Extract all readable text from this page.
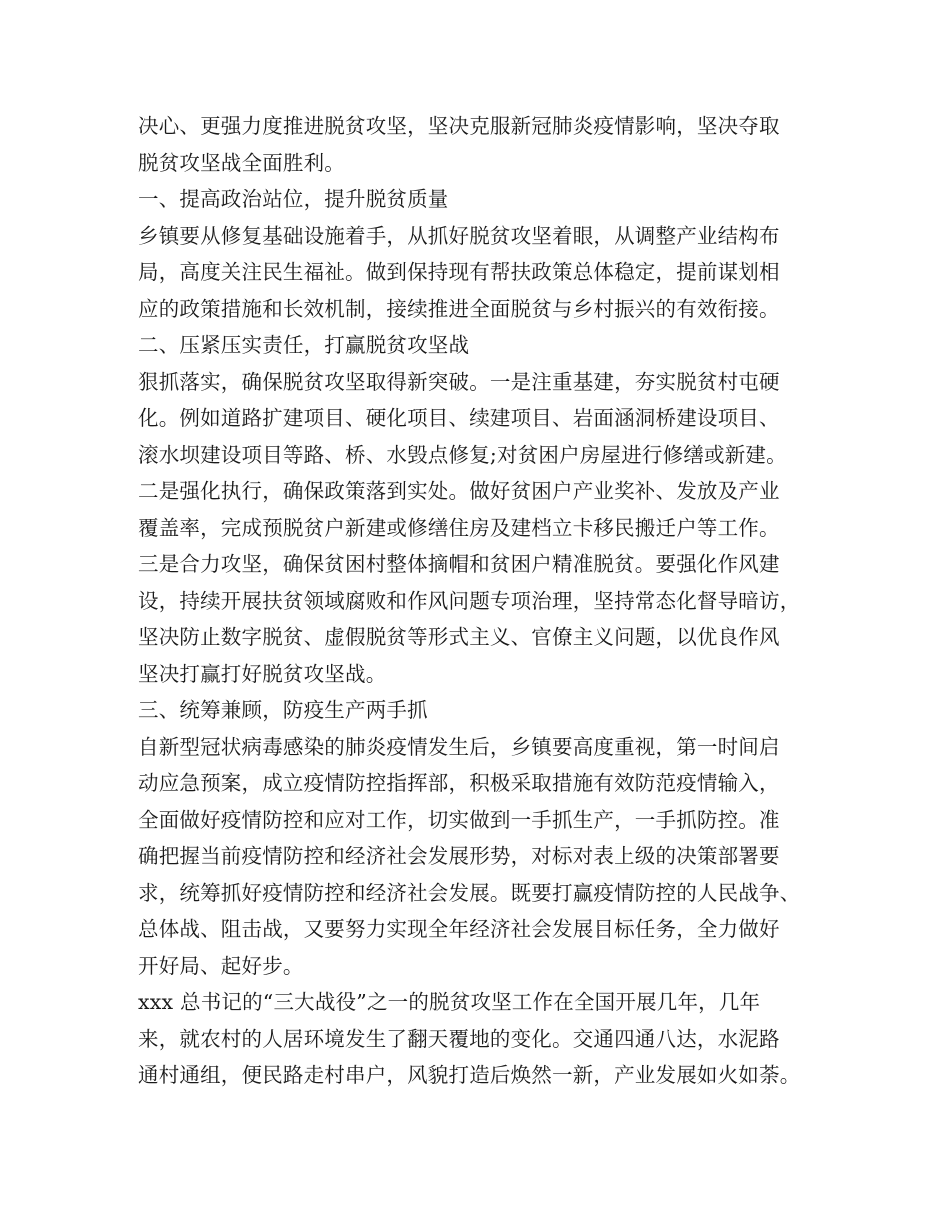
决心、更强力度推进脱贫攻坚，坚决克服新冠肺炎疫情影响，坚决夺取
脱贫攻坚战全面胜利。
一、提高政治站位，提升脱贫质量
乡镇要从修复基础设施着手，从抓好脱贫攻坚着眼，从调整产业结构布
局，高度关注民生福祉。做到保持现有帮扶政策总体稳定，提前谋划相
应的政策措施和长效机制，接续推进全面脱贫与乡村振兴的有效衔接。
二、压紧压实责任，打赢脱贫攻坚战
狠抓落实，确保脱贫攻坚取得新突破。一是注重基建，夯实脱贫村屯硬
化。例如道路扩建项目、硬化项目、续建项目、岩面涵洞桥建设项目、
滚水坝建设项目等路、桥、水毁点修复;对贫困户房屋进行修缮或新建。
二是强化执行，确保政策落到实处。做好贫困户产业奖补、发放及产业
覆盖率，完成预脱贫户新建或修缮住房及建档立卡移民搬迁户等工作。
三是合力攻坚，确保贫困村整体摘帽和贫困户精准脱贫。要强化作风建
设，持续开展扶贫领域腐败和作风问题专项治理，坚持常态化督导暗访，
坚决防止数字脱贫、虚假脱贫等形式主义、官僚主义问题，以优良作风
坚决打赢打好脱贫攻坚战。
三、统筹兼顾，防疫生产两手抓
自新型冠状病毒感染的肺炎疫情发生后，乡镇要高度重视，第一时间启
动应急预案，成立疫情防控指挥部，积极采取措施有效防范疫情输入，
全面做好疫情防控和应对工作，切实做到一手抓生产，一手抓防控。准
确把握当前疫情防控和经济社会发展形势，对标对表上级的决策部署要
求，统筹抓好疫情防控和经济社会发展。既要打赢疫情防控的人民战争、
总体战、阻击战，又要努力实现全年经济社会发展目标任务，全力做好
开好局、起好步。
xxx 总书记的“三大战役”之一的脱贫攻坚工作在全国开展几年，几年
来，就农村的人居环境发生了翻天覆地的变化。交通四通八达，水泥路
通村通组，便民路走村串户，风貌打造后焕然一新，产业发展如火如荼。
